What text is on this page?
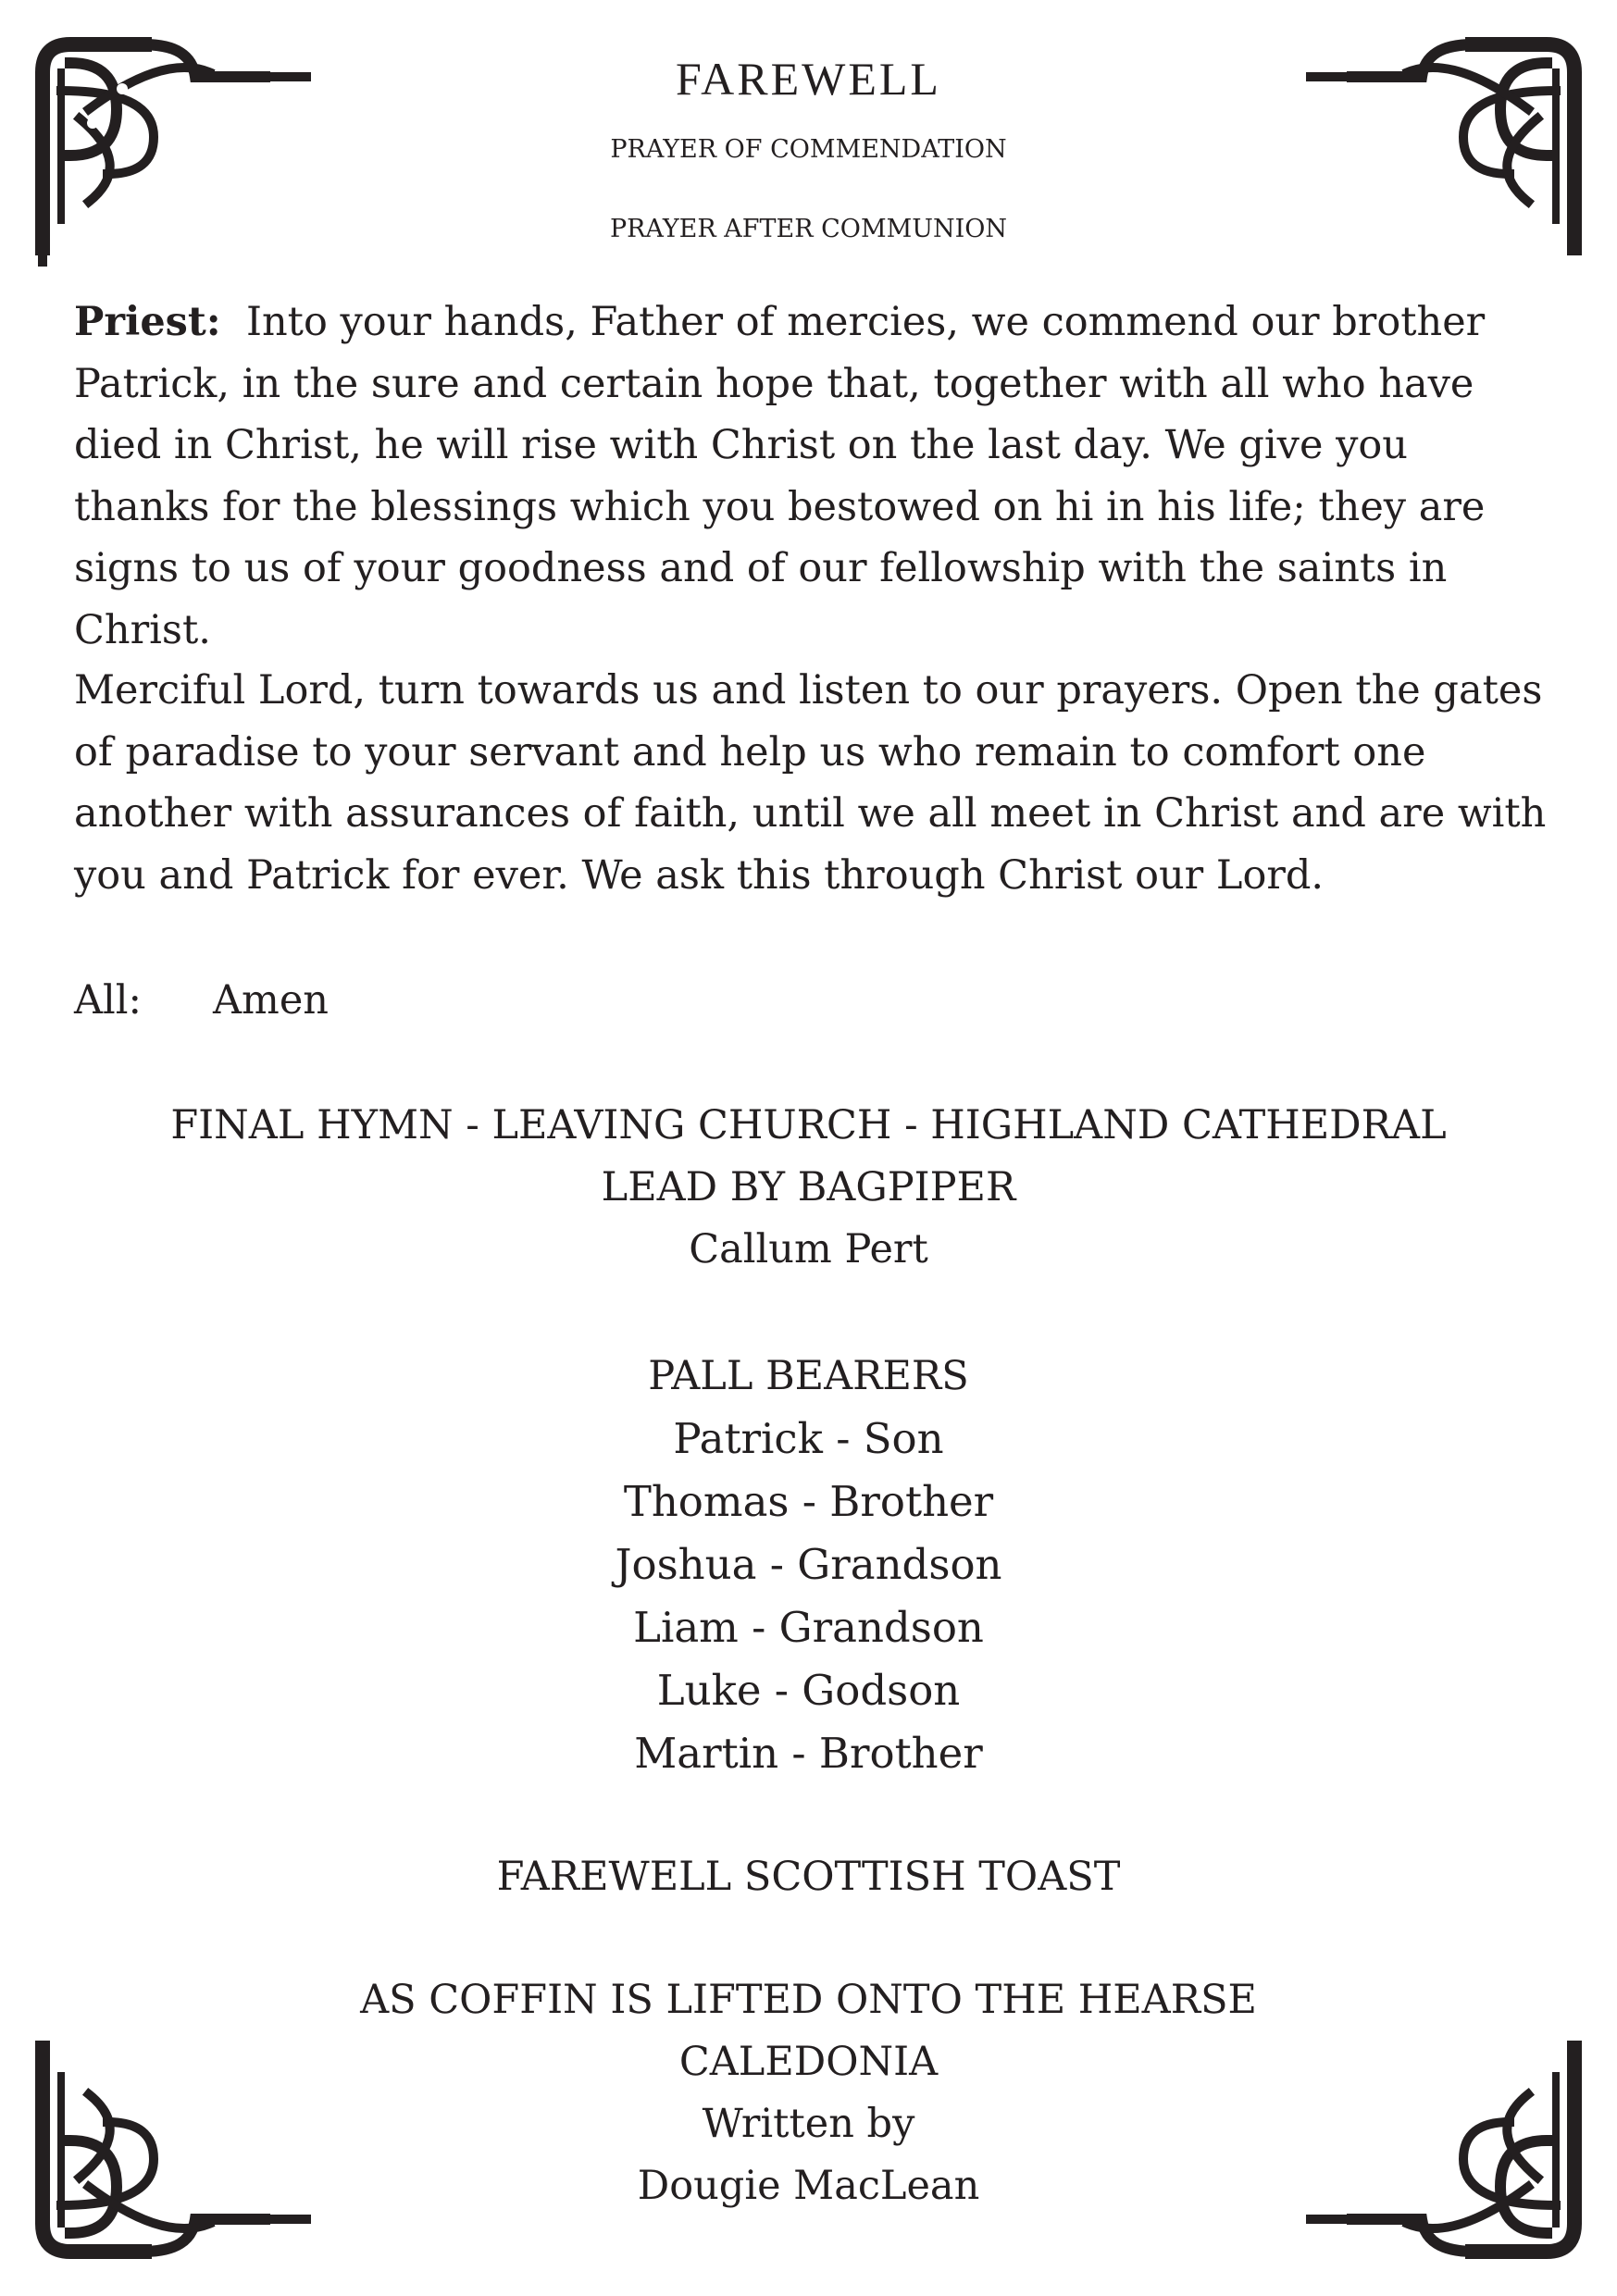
FAREWELL
PRAYER OF COMMENDATION
PRAYER AFTER COMMUNION

Priest: Into your hands, Father of mercies, we commend our brother Patrick, in the sure and certain hope that, together with all who have died in Christ, he will rise with Christ on the last day. We give you thanks for the blessings which you bestowed on hi in his life; they are signs to us of your goodness and of our fellowship with the saints in Christ.

Merciful Lord, turn towards us and listen to our prayers. Open the gates of paradise to your servant and help us who remain to comfort one another with assurances of faith, until we all meet in Christ and are with you and Patrick for ever. We ask this through Christ our Lord.

All: Amen
FINAL HYMN - LEAVING CHURCH - HIGHLAND CATHEDRAL
LEAD BY BAGPIPER
Callum Pert
PALL BEARERS
Patrick - Son
Thomas - Brother
Joshua - Grandson
Liam - Grandson
Luke - Godson
Martin - Brother
FAREWELL SCOTTISH TOAST
AS COFFIN IS LIFTED ONTO THE HEARSE
CALEDONIA
Written by
Dougie MacLean
